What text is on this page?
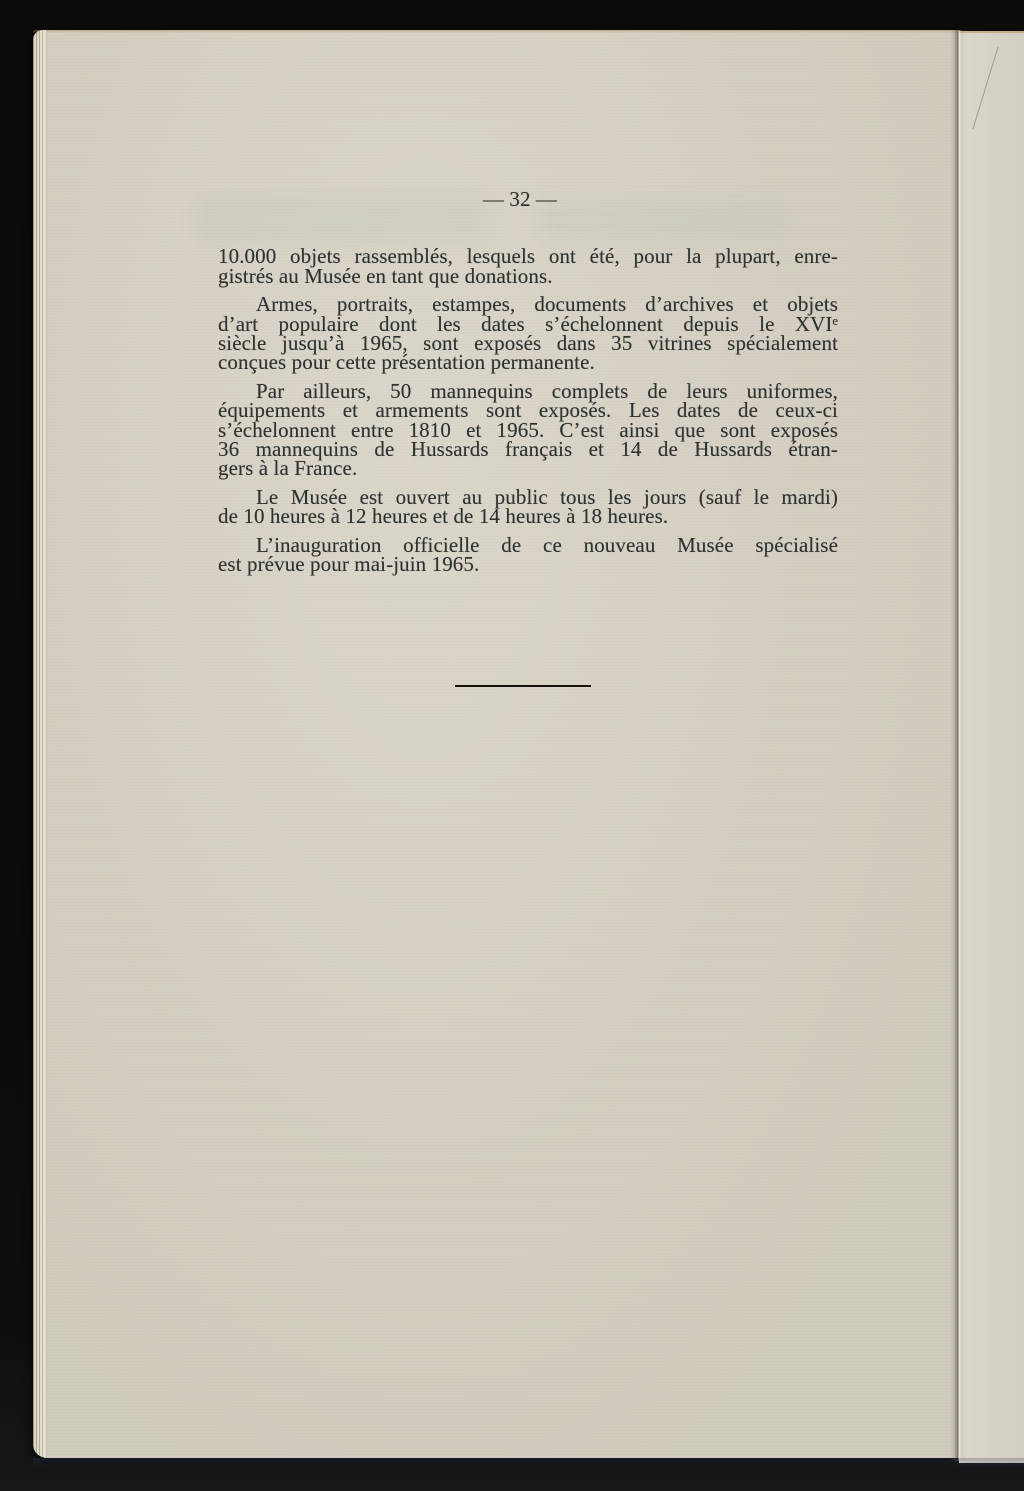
— 32 —
10.000 objets rassemblés, lesquels ont été, pour la plupart, enre-
gistrés au Musée en tant que donations.
Armes, portraits, estampes, documents d’archives et objets
d’art populaire dont les dates s’échelonnent depuis le XVIᵉ
siècle jusqu’à 1965, sont exposés dans 35 vitrines spécialement
conçues pour cette présentation permanente.
Par ailleurs, 50 mannequins complets de leurs uniformes,
équipements et armements sont exposés. Les dates de ceux-ci
s’échelonnent entre 1810 et 1965. C’est ainsi que sont exposés
36 mannequins de Hussards français et 14 de Hussards étran-
gers à la France.
Le Musée est ouvert au public tous les jours (sauf le mardi)
de 10 heures à 12 heures et de 14 heures à 18 heures.
L’inauguration officielle de ce nouveau Musée spécialisé
est prévue pour mai-juin 1965.
